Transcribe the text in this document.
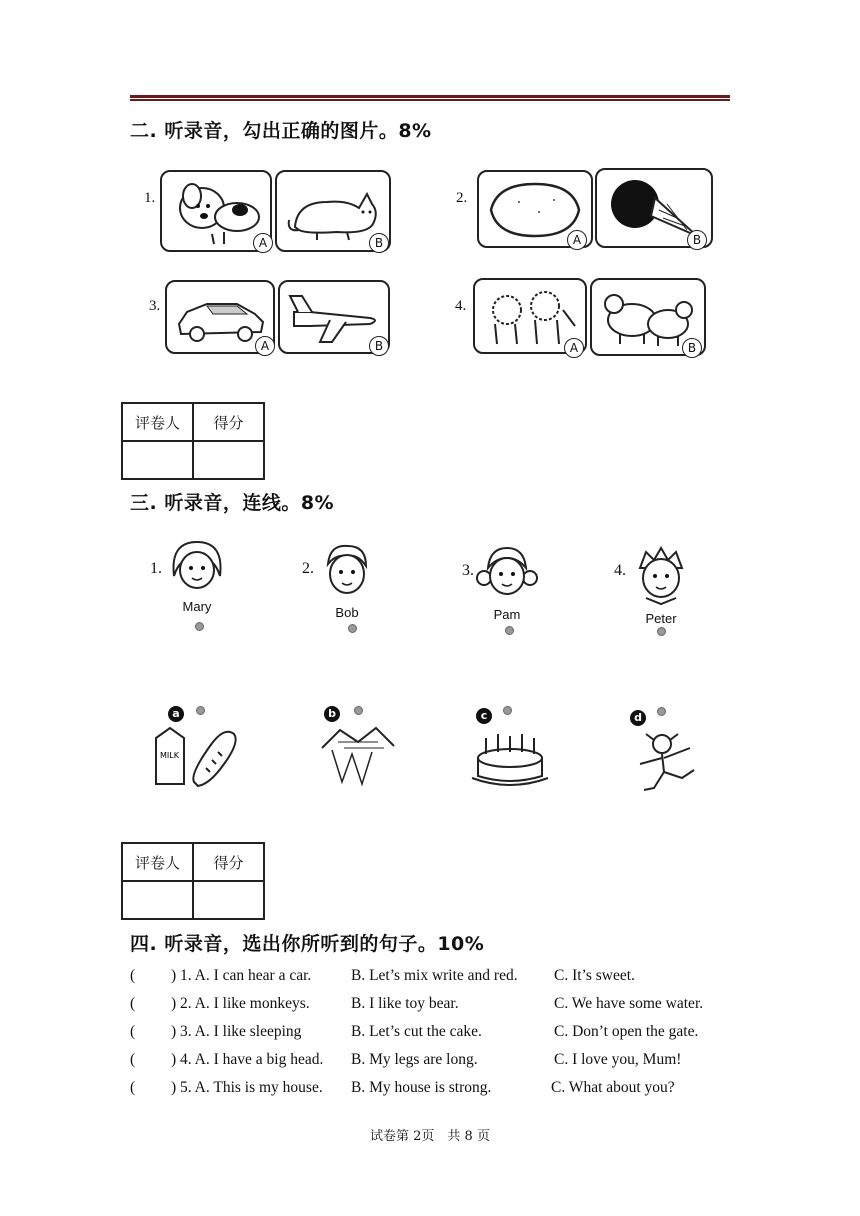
二. 听录音，勾出正确的图片。8%
1.
A	B
2.
A	B
3.
A	B
4.
A	B
评卷人	得分

三. 听录音，连线。8%
1.
Mary
2.
Bob
3.
Pam
4.
Peter
a
MILK
b	c	d
评卷人	得分

四. 听录音，选出你所听到的句子。10%
( ) 1. A. I can hear a car.	B. Let’s mix write and red. C. It’s sweet.
( ) 2. A. I like monkeys.	B. I like toy bear.	C. We have some water.
( ) 3. A. I like sleeping	B. Let’s cut the cake.	C. Don’t open the gate.
( ) 4. A. I have a big head. B. My legs are long.	C. I love you, Mum!
( ) 5. A. This is my house. B. My house is strong.	C. What about you?
试卷第 2页　共 8 页
